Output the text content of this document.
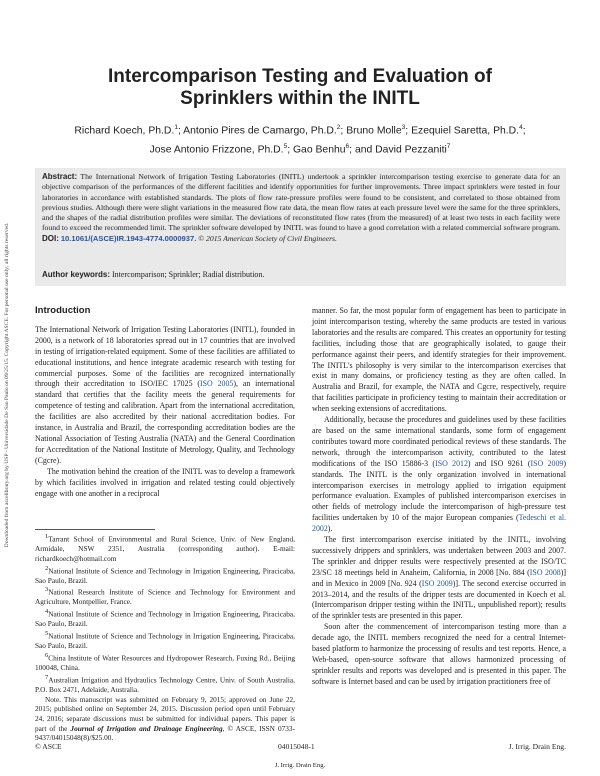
Downloaded from ascelibrary.org by USP - Universidade De Sao Paulo on 09/25/15. Copyright ASCE. For personal use only; all rights reserved.
Intercomparison Testing and Evaluation of
Sprinklers within the INITL
Richard Koech, Ph.D.$^1$; Antonio Pires de Camargo, Ph.D.$^2$; Bruno Molle$^3$; Ezequiel Saretta, Ph.D.$^4$;
Jose Antonio Frizzone, Ph.D.$^5$; Gao Benhu$^6$; and David Pezzaniti$^7$
Abstract: The International Network of Irrigation Testing Laboratories (INITL) undertook a sprinkler intercomparison testing exercise to generate data for an objective comparison of the performances of the different facilities and identify opportunities for further improvements. Three impact sprinklers were tested in four laboratories in accordance with established standards. The plots of flow rate-pressure profiles were found to be consistent, and correlated to those obtained from previous studies. Although there were slight variations in the measured flow rate data, the mean flow rates at each pressure level were the same for the three sprinklers, and the shapes of the radial distribution profiles were similar. The deviations of reconstituted flow rates (from the measured) of at least two tests in each facility were found to exceed the recommended limit. The sprinkler software developed by INITL was found to have a good correlation with a related commercial software program. DOI: 10.1061/(ASCE)IR.1943-4774.0000937. © 2015 American Society of Civil Engineers.
Author keywords: Intercomparison; Sprinkler; Radial distribution.
Introduction

The International Network of Irrigation Testing Laboratories (INITL), founded in 2000, is a network of 18 laboratories spread out in 17 countries that are involved in testing of irrigation-related equipment. Some of these facilities are affiliated to educational institutions, and hence integrate academic research with testing for commercial purposes. Some of the facilities are recognized internationally through their accreditation to ISO/IEC 17025 (ISO 2005), an international standard that certifies that the facility meets the general requirements for competence of testing and calibration. Apart from the international accreditation, the facilities are also accredited by their national accreditation bodies. For instance, in Australia and Brazil, the corresponding accreditation bodies are the National Association of Testing Australia (NATA) and the General Coordination for Accreditation of the National Institute of Metrology, Quality, and Technology (Cgcre).

The motivation behind the creation of the INITL was to develop a framework by which facilities involved in irrigation and related testing could objectively engage with one another in a reciprocal

1Tarrant School of Environmental and Rural Science, Univ. of New England, Armidale, NSW 2351, Australia (corresponding author). E-mail: richardkoech@hotmail.com

2National Institute of Science and Technology in Irrigation Engineering, Piracicaba, Sao Paulo, Brazil.

3National Research Institute of Science and Technology for Environment and Agriculture, Montpellier, France.

4National Institute of Science and Technology in Irrigation Engineering, Piracicaba, Sao Paulo, Brazil.

5National Institute of Science and Technology in Irrigation Engineering, Piracicaba, Sao Paulo, Brazil.

6China Institute of Water Resources and Hydropower Research, Fuxing Rd., Beijing 100048, China.

7Australian Irrigation and Hydraulics Technology Centre, Univ. of South Australia, P.O. Box 2471, Adelaide, Australia.

Note. This manuscript was submitted on February 9, 2015; approved on June 22, 2015; published online on September 24, 2015. Discussion period open until February 24, 2016; separate discussions must be submitted for individual papers. This paper is part of the Journal of Irrigation and Drainage Engineering, © ASCE, ISSN 0733-9437/04015048(8)/$25.00.

manner. So far, the most popular form of engagement has been to participate in joint intercomparison testing, whereby the same products are tested in various laboratories and the results are compared. This creates an opportunity for testing facilities, including those that are geographically isolated, to gauge their performance against their peers, and identify strategies for their improvement. The INITL's philosophy is very similar to the intercomparison exercises that exist in many domains, or proficiency testing as they are often called. In Australia and Brazil, for example, the NATA and Cgcre, respectively, require that facilities participate in proficiency testing to maintain their accreditation or when seeking extensions of accreditations.

Additionally, because the procedures and guidelines used by these facilities are based on the same international standards, some form of engagement contributes toward more coordinated periodical reviews of these standards. The network, through the intercomparison activity, contributed to the latest modifications of the ISO 15886-3 (ISO 2012) and ISO 9261 (ISO 2009) standards. The INITL is the only organization involved in international intercomparison exercises in metrology applied to irrigation equipment performance evaluation. Examples of published intercomparison exercises in other fields of metrology include the intercomparison of high-pressure test facilities undertaken by 10 of the major European companies (Tedeschi et al. 2002).

The first intercomparison exercise initiated by the INITL, involving successively drippers and sprinklers, was undertaken between 2003 and 2007. The sprinkler and dripper results were respectively presented at the ISO/TC 23/SC 18 meetings held in Anaheim, California, in 2008 [No. 884 (ISO 2008)] and in Mexico in 2009 [No. 924 (ISO 2009)]. The second exercise occurred in 2013–2014, and the results of the dripper tests are documented in Koech et al. (Intercomparison dripper testing within the INITL, unpublished report); results of the sprinkler tests are presented in this paper.

Soon after the commencement of intercomparison testing more than a decade ago, the INITL members recognized the need for a central Internet-based platform to harmonize the processing of results and test reports. Hence, a Web-based, open-source software that allows harmonized processing of sprinkler results and reports was developed and is presented in this paper. The software is Internet based and can be used by irrigation practitioners free of

© ASCE	04015048-1	J. Irrig. Drain Eng.
J. Irrig. Drain Eng.
